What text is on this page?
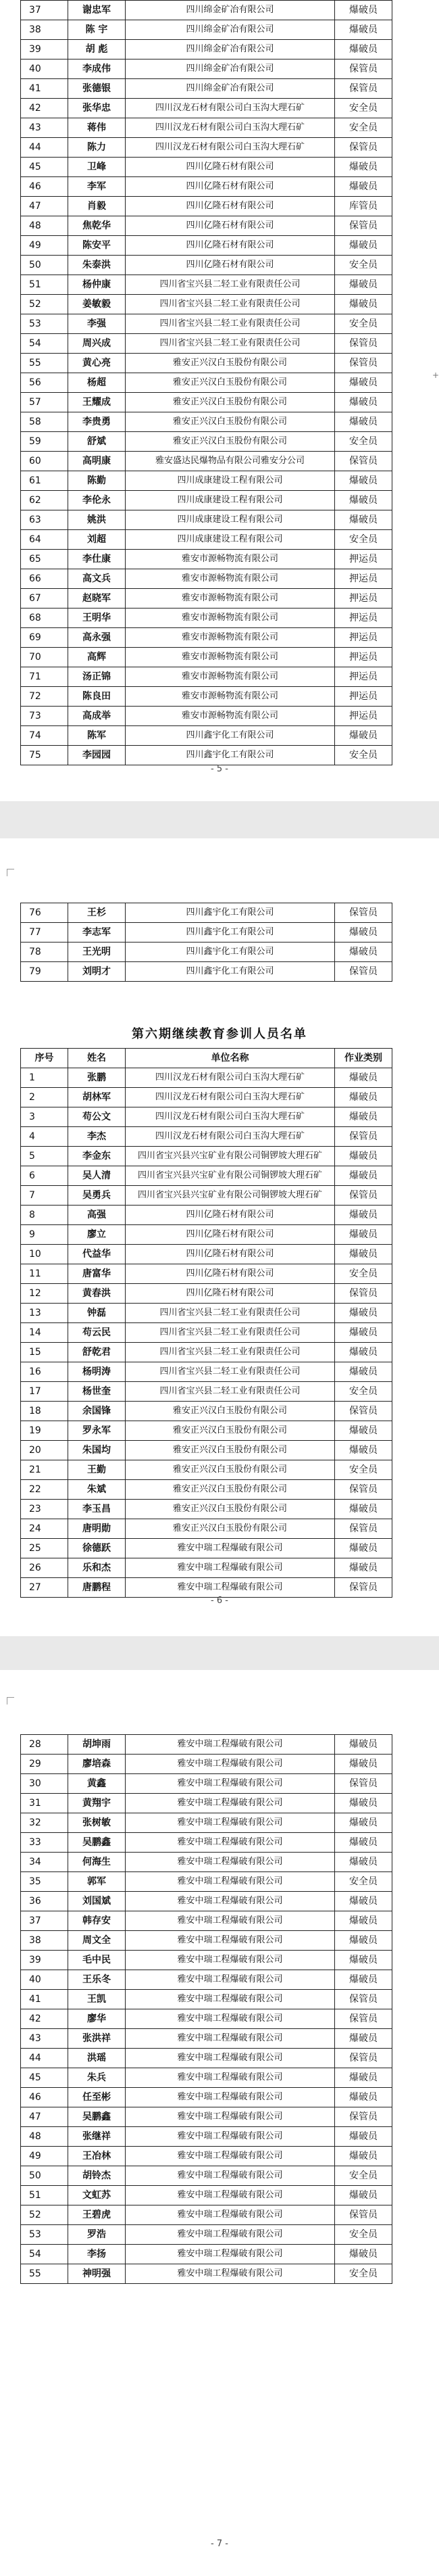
37	谢忠军	四川绵金矿冶有限公司	爆破员
38	陈 宇	四川绵金矿冶有限公司	爆破员
39	胡 彪	四川绵金矿冶有限公司	爆破员
40	李成伟	四川绵金矿冶有限公司	保管员
41	张德银	四川绵金矿冶有限公司	保管员
42	张华忠	四川汉龙石材有限公司白玉沟大理石矿	安全员
43	蒋伟	四川汉龙石材有限公司白玉沟大理石矿	安全员
44	陈力	四川汉龙石材有限公司白玉沟大理石矿	保管员
45	卫峰	四川亿隆石材有限公司	爆破员
46	李军	四川亿隆石材有限公司	爆破员
47	肖毅	四川亿隆石材有限公司	库管员
48	焦乾华	四川亿隆石材有限公司	保管员
49	陈安平	四川亿隆石材有限公司	爆破员
50	朱泰洪	四川亿隆石材有限公司	安全员
51	杨仲康	四川省宝兴县二轻工业有限责任公司	爆破员
52	姜敏毅	四川省宝兴县二轻工业有限责任公司	爆破员
53	李强	四川省宝兴县二轻工业有限责任公司	安全员
54	周兴成	四川省宝兴县二轻工业有限责任公司	保管员
55	黄心亮	雅安正兴汉白玉股份有限公司	保管员
56	杨超	雅安正兴汉白玉股份有限公司	爆破员
57	王耀成	雅安正兴汉白玉股份有限公司	爆破员
58	李贵勇	雅安正兴汉白玉股份有限公司	爆破员
59	舒斌	雅安正兴汉白玉股份有限公司	安全员
60	高明康	雅安盛达民爆物品有限公司雅安分公司	保管员
61	陈勤	四川成康建设工程有限公司	爆破员
62	李伦永	四川成康建设工程有限公司	爆破员
63	姚洪	四川成康建设工程有限公司	爆破员
64	刘超	四川成康建设工程有限公司	安全员
65	李仕康	雅安市源畅物流有限公司	押运员
66	高文兵	雅安市源畅物流有限公司	押运员
67	赵晓军	雅安市源畅物流有限公司	押运员
68	王明华	雅安市源畅物流有限公司	押运员
69	高永强	雅安市源畅物流有限公司	押运员
70	高辉	雅安市源畅物流有限公司	押运员
71	汤正锦	雅安市源畅物流有限公司	押运员
72	陈良田	雅安市源畅物流有限公司	押运员
73	高成举	雅安市源畅物流有限公司	押运员
74	陈军	四川鑫宇化工有限公司	爆破员
75	李园园	四川鑫宇化工有限公司	安全员
- 5 -
+
76	王杉	四川鑫宇化工有限公司	保管员
77	李志军	四川鑫宇化工有限公司	爆破员
78	王光明	四川鑫宇化工有限公司	爆破员
79	刘明才	四川鑫宇化工有限公司	保管员
第六期继续教育参训人员名单
序号	姓名	单位名称	作业类别
1	张鹏	四川汉龙石材有限公司白玉沟大理石矿	爆破员
2	胡林军	四川汉龙石材有限公司白玉沟大理石矿	爆破员
3	苟公文	四川汉龙石材有限公司白玉沟大理石矿	爆破员
4	李杰	四川汉龙石材有限公司白玉沟大理石矿	保管员
5	李金东	四川省宝兴县兴宝矿业有限公司铜锣坡大理石矿	爆破员
6	吴人清	四川省宝兴县兴宝矿业有限公司铜锣坡大理石矿	爆破员
7	吴勇兵	四川省宝兴县兴宝矿业有限公司铜锣坡大理石矿	保管员
8	高强	四川亿隆石材有限公司	爆破员
9	廖立	四川亿隆石材有限公司	爆破员
10	代益华	四川亿隆石材有限公司	爆破员
11	唐富华	四川亿隆石材有限公司	安全员
12	黄春洪	四川亿隆石材有限公司	保管员
13	钟磊	四川省宝兴县二轻工业有限责任公司	爆破员
14	苟云民	四川省宝兴县二轻工业有限责任公司	爆破员
15	舒乾君	四川省宝兴县二轻工业有限责任公司	爆破员
16	杨明涛	四川省宝兴县二轻工业有限责任公司	爆破员
17	杨世奎	四川省宝兴县二轻工业有限责任公司	安全员
18	余国锋	雅安正兴汉白玉股份有限公司	保管员
19	罗永军	雅安正兴汉白玉股份有限公司	爆破员
20	朱国均	雅安正兴汉白玉股份有限公司	爆破员
21	王勤	雅安正兴汉白玉股份有限公司	安全员
22	朱斌	雅安正兴汉白玉股份有限公司	保管员
23	李玉昌	雅安正兴汉白玉股份有限公司	爆破员
24	唐明勋	雅安正兴汉白玉股份有限公司	保管员
25	徐德跃	雅安中瑞工程爆破有限公司	爆破员
26	乐和杰	雅安中瑞工程爆破有限公司	爆破员
27	唐鹏程	雅安中瑞工程爆破有限公司	保管员
- 6 -
28	胡坤雨	雅安中瑞工程爆破有限公司	爆破员
29	廖培森	雅安中瑞工程爆破有限公司	爆破员
30	黄鑫	雅安中瑞工程爆破有限公司	保管员
31	黄翔宇	雅安中瑞工程爆破有限公司	爆破员
32	张树敏	雅安中瑞工程爆破有限公司	爆破员
33	吴鹏鑫	雅安中瑞工程爆破有限公司	爆破员
34	何海生	雅安中瑞工程爆破有限公司	爆破员
35	郭军	雅安中瑞工程爆破有限公司	安全员
36	刘国斌	雅安中瑞工程爆破有限公司	爆破员
37	韩存安	雅安中瑞工程爆破有限公司	爆破员
38	周文全	雅安中瑞工程爆破有限公司	爆破员
39	毛中民	雅安中瑞工程爆破有限公司	爆破员
40	王乐冬	雅安中瑞工程爆破有限公司	爆破员
41	王凯	雅安中瑞工程爆破有限公司	保管员
42	廖华	雅安中瑞工程爆破有限公司	保管员
43	张洪祥	雅安中瑞工程爆破有限公司	爆破员
44	洪瑶	雅安中瑞工程爆破有限公司	保管员
45	朱兵	雅安中瑞工程爆破有限公司	爆破员
46	任至彬	雅安中瑞工程爆破有限公司	爆破员
47	吴鹏鑫	雅安中瑞工程爆破有限公司	保管员
48	张继祥	雅安中瑞工程爆破有限公司	爆破员
49	王冶林	雅安中瑞工程爆破有限公司	爆破员
50	胡铃杰	雅安中瑞工程爆破有限公司	安全员
51	文虹苏	雅安中瑞工程爆破有限公司	爆破员
52	王碧虎	雅安中瑞工程爆破有限公司	保管员
53	罗浩	雅安中瑞工程爆破有限公司	安全员
54	李扬	雅安中瑞工程爆破有限公司	爆破员
55	神明强	雅安中瑞工程爆破有限公司	安全员
- 7 -
